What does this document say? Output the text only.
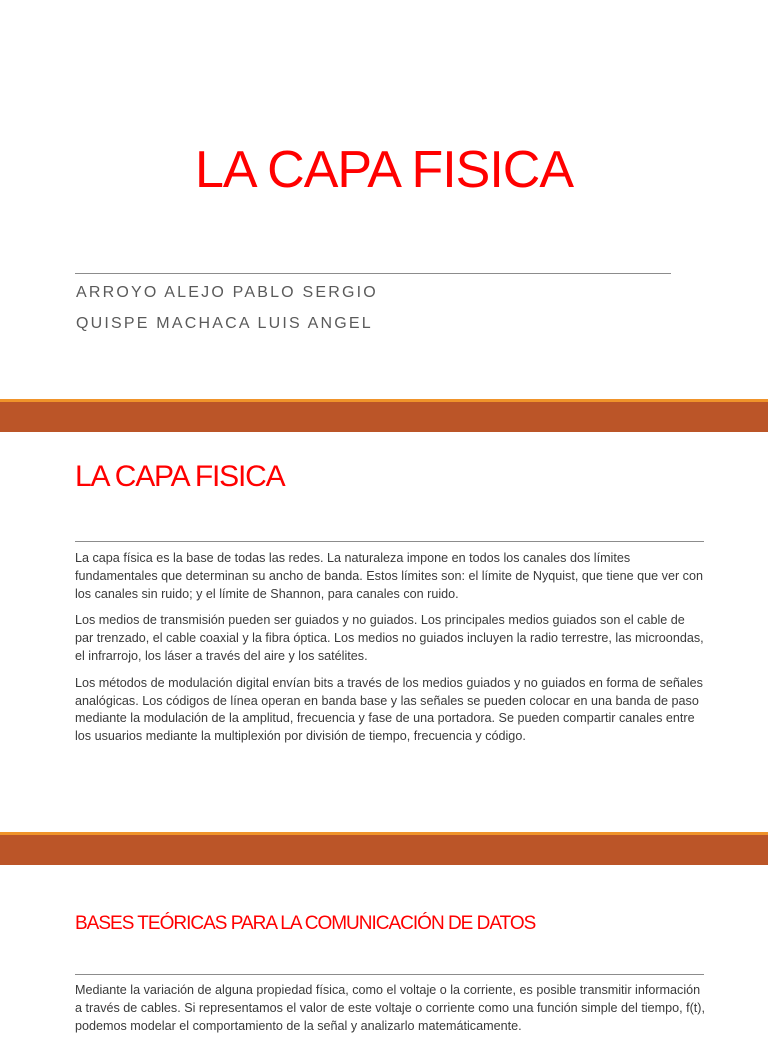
LA CAPA FISICA

ARROYO ALEJO PABLO SERGIO

QUISPE MACHACA LUIS ANGEL

LA CAPA FISICA

La capa física es la base de todas las redes. La naturaleza impone en todos los canales dos límites fundamentales que determinan su ancho de banda. Estos límites son: el límite de Nyquist, que tiene que ver con los canales sin ruido; y el límite de Shannon, para canales con ruido.

Los medios de transmisión pueden ser guiados y no guiados. Los principales medios guiados son el cable de par trenzado, el cable coaxial y la fibra óptica. Los medios no guiados incluyen la radio terrestre, las microondas, el infrarrojo, los láser a través del aire y los satélites.

Los métodos de modulación digital envían bits a través de los medios guiados y no guiados en forma de señales analógicas. Los códigos de línea operan en banda base y las señales se pueden colocar en una banda de paso mediante la modulación de la amplitud, frecuencia y fase de una portadora. Se pueden compartir canales entre los usuarios mediante la multiplexión por división de tiempo, frecuencia y código.

BASES TEÓRICAS PARA LA COMUNICACIÓN DE DATOS

Mediante la variación de alguna propiedad física, como el voltaje o la corriente, es posible transmitir información a través de cables. Si representamos el valor de este voltaje o corriente como una función simple del tiempo, f(t), podemos modelar el comportamiento de la señal y analizarlo matemáticamente.
